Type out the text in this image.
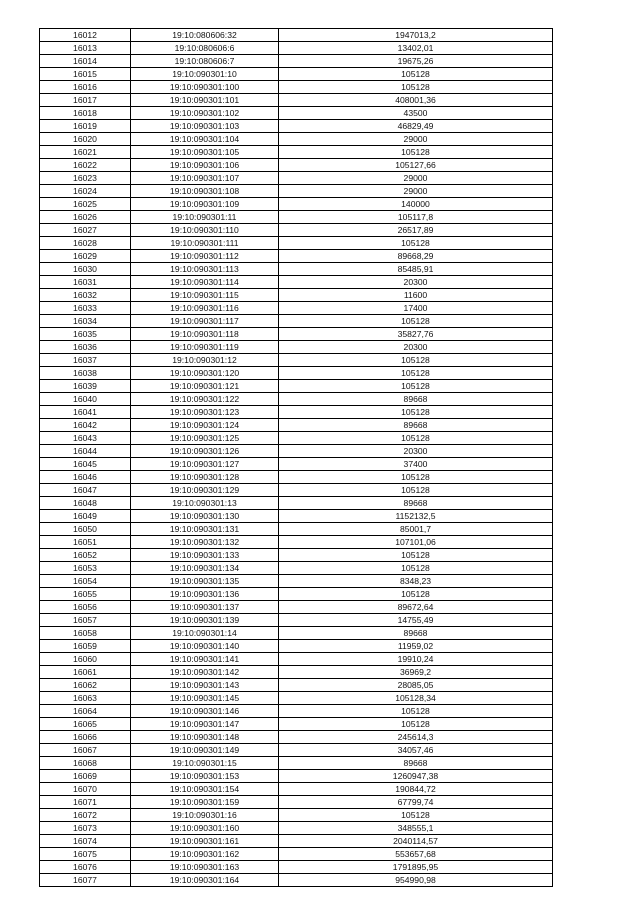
16012	19:10:080606:32	1947013,2
16013	19:10:080606:6	13402,01
16014	19:10:080606:7	19675,26
16015	19:10:090301:10	105128
16016	19:10:090301:100	105128
16017	19:10:090301:101	408001,36
16018	19:10:090301:102	43500
16019	19:10:090301:103	46829,49
16020	19:10:090301:104	29000
16021	19:10:090301:105	105128
16022	19:10:090301:106	105127,66
16023	19:10:090301:107	29000
16024	19:10:090301:108	29000
16025	19:10:090301:109	140000
16026	19:10:090301:11	105117,8
16027	19:10:090301:110	26517,89
16028	19:10:090301:111	105128
16029	19:10:090301:112	89668,29
16030	19:10:090301:113	85485,91
16031	19:10:090301:114	20300
16032	19:10:090301:115	11600
16033	19:10:090301:116	17400
16034	19:10:090301:117	105128
16035	19:10:090301:118	35827,76
16036	19:10:090301:119	20300
16037	19:10:090301:12	105128
16038	19:10:090301:120	105128
16039	19:10:090301:121	105128
16040	19:10:090301:122	89668
16041	19:10:090301:123	105128
16042	19:10:090301:124	89668
16043	19:10:090301:125	105128
16044	19:10:090301:126	20300
16045	19:10:090301:127	37400
16046	19:10:090301:128	105128
16047	19:10:090301:129	105128
16048	19:10:090301:13	89668
16049	19:10:090301:130	1152132,5
16050	19:10:090301:131	85001,7
16051	19:10:090301:132	107101,06
16052	19:10:090301:133	105128
16053	19:10:090301:134	105128
16054	19:10:090301:135	8348,23
16055	19:10:090301:136	105128
16056	19:10:090301:137	89672,64
16057	19:10:090301:139	14755,49
16058	19:10:090301:14	89668
16059	19:10:090301:140	11959,02
16060	19:10:090301:141	19910,24
16061	19:10:090301:142	36969,2
16062	19:10:090301:143	28085,05
16063	19:10:090301:145	105128,34
16064	19:10:090301:146	105128
16065	19:10:090301:147	105128
16066	19:10:090301:148	245614,3
16067	19:10:090301:149	34057,46
16068	19:10:090301:15	89668
16069	19:10:090301:153	1260947,38
16070	19:10:090301:154	190844,72
16071	19:10:090301:159	67799,74
16072	19:10:090301:16	105128
16073	19:10:090301:160	348555,1
16074	19:10:090301:161	2040114,57
16075	19:10:090301:162	553657,68
16076	19:10:090301:163	1791895,95
16077	19:10:090301:164	954990,98
